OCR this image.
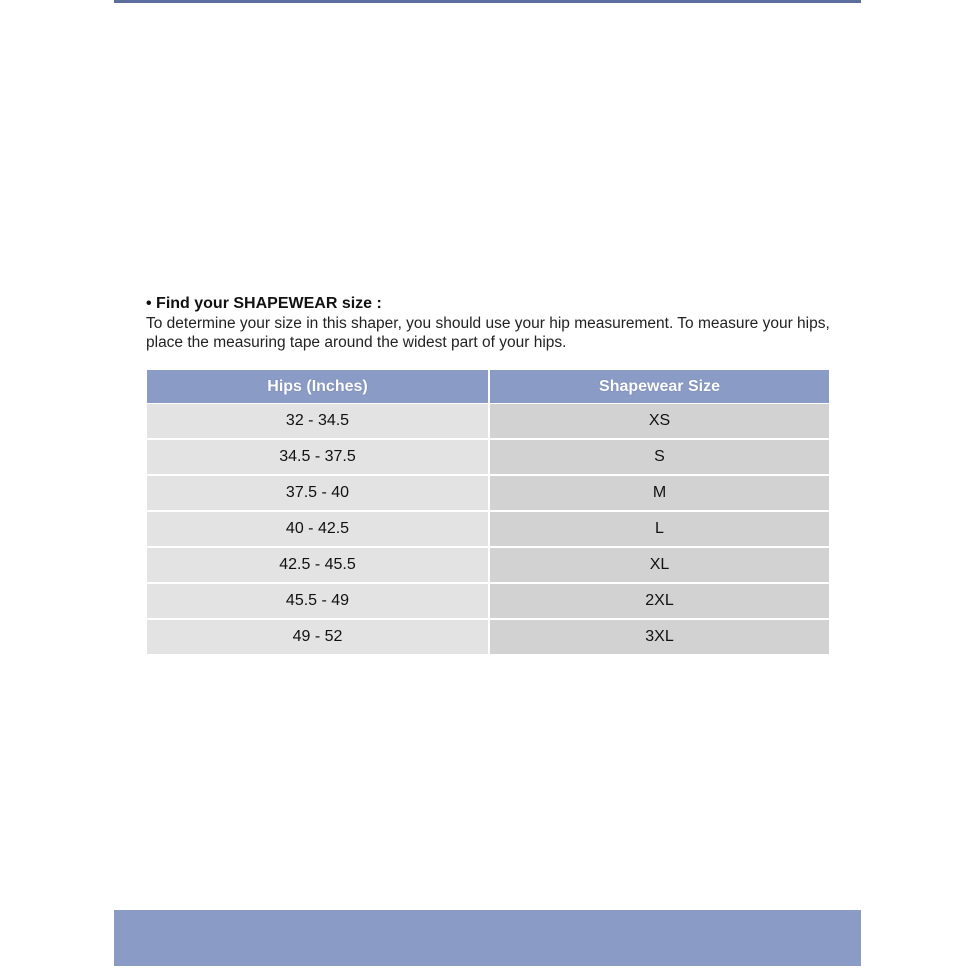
• Find your SHAPEWEAR size :

To determine your size in this shaper, you should use your hip measurement. To measure your hips, place the measuring tape around the widest part of your hips.

Hips (Inches)	Shapewear Size
32 - 34.5	XS
34.5 - 37.5	S
37.5 - 40	M
40 - 42.5	L
42.5 - 45.5	XL
45.5 - 49	2XL
49 - 52	3XL
